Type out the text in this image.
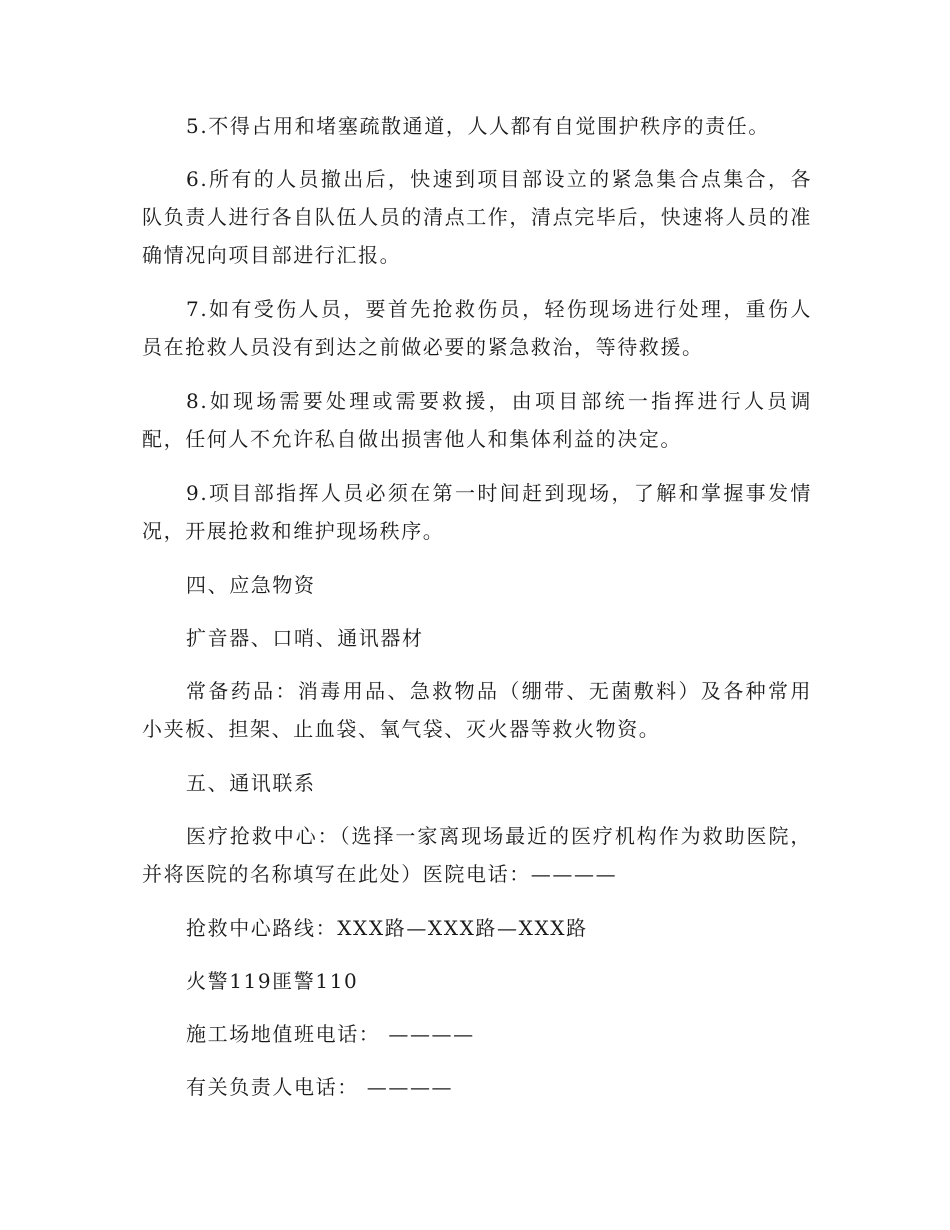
5.不得占用和堵塞疏散通道，人人都有自觉围护秩序的责任。

6.所有的人员撤出后，快速到项目部设立的紧急集合点集合，各队负责人进行各自队伍人员的清点工作，清点完毕后，快速将人员的准确情况向项目部进行汇报。

7.如有受伤人员，要首先抢救伤员，轻伤现场进行处理，重伤人员在抢救人员没有到达之前做必要的紧急救治，等待救援。

8.如现场需要处理或需要救援，由项目部统一指挥进行人员调配，任何人不允许私自做出损害他人和集体利益的决定。

9.项目部指挥人员必须在第一时间赶到现场，了解和掌握事发情况，开展抢救和维护现场秩序。

四、应急物资

扩音器、口哨、通讯器材

常备药品：消毒用品、急救物品（绷带、无菌敷料）及各种常用小夹板、担架、止血袋、氧气袋、灭火器等救火物资。

五、通讯联系

医疗抢救中心：（选择一家离现场最近的医疗机构作为救助医院，并将医院的名称填写在此处）医院电话：————

抢救中心路线：XXX路—XXX路—XXX路

火警119匪警110

施工场地值班电话： ————

有关负责人电话： ————
